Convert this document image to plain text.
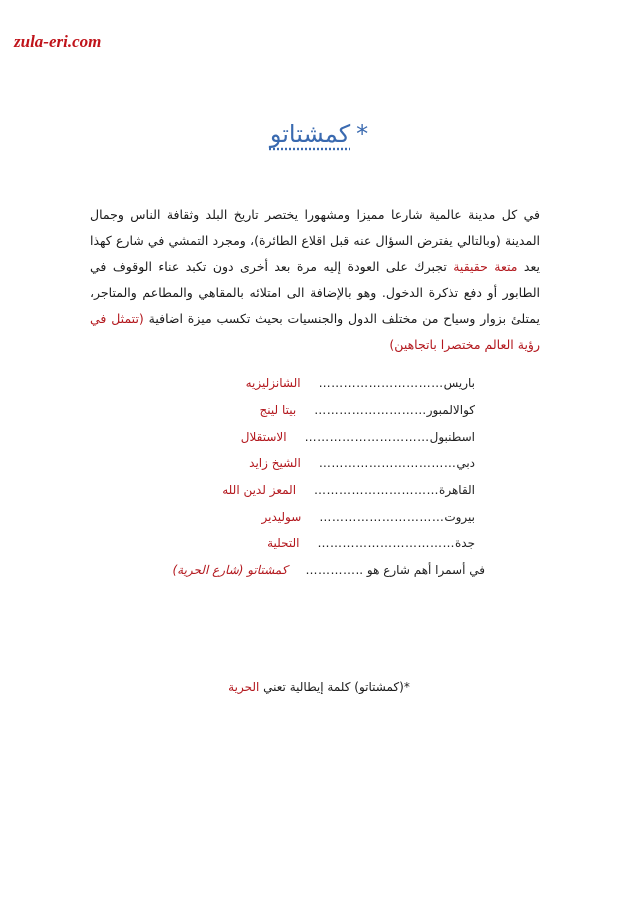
zula-eri.com
*كمشتاتو

في كل مدينة عالمية شارعا مميزا ومشهورا يختصر تاريخ البلد وثقافة الناس وجمال المدينة (وبالتالي يفترض السؤال عنه قبل اقلاع الطائرة)، ومجرد التمشي في شارع كهذا يعد متعة حقيقية تجبرك على العودة إليه مرة بعد أخرى دون تكبد عناء الوقوف في الطابور أو دفع تذكرة الدخول. وهو بالإضافة الى امتلائه بالمقاهي والمطاعم والمتاجر، يمتلئ بزوار وسياح من مختلف الدول والجنسيات بحيث تكسب ميزة اضافية (تتمثل في رؤية العالم مختصرا باتجاهين)

باريس
…………………………
الشانزليزيه
كوالالمبور
………………………
بيتا لينج
اسطنبول
…………………………
الاستقلال
دبي
……………………………
الشيخ زايد
القاهرة
…………………………
المعز لدين الله
بيروت
…………………………
سوليدير
جدة
……………………………
التحلية
في أسمرا أهم شارع هو ..
…………
كمشتاتو (شارع الحرية)
*(كمشتاتو) كلمة إيطالية تعني الحرية
